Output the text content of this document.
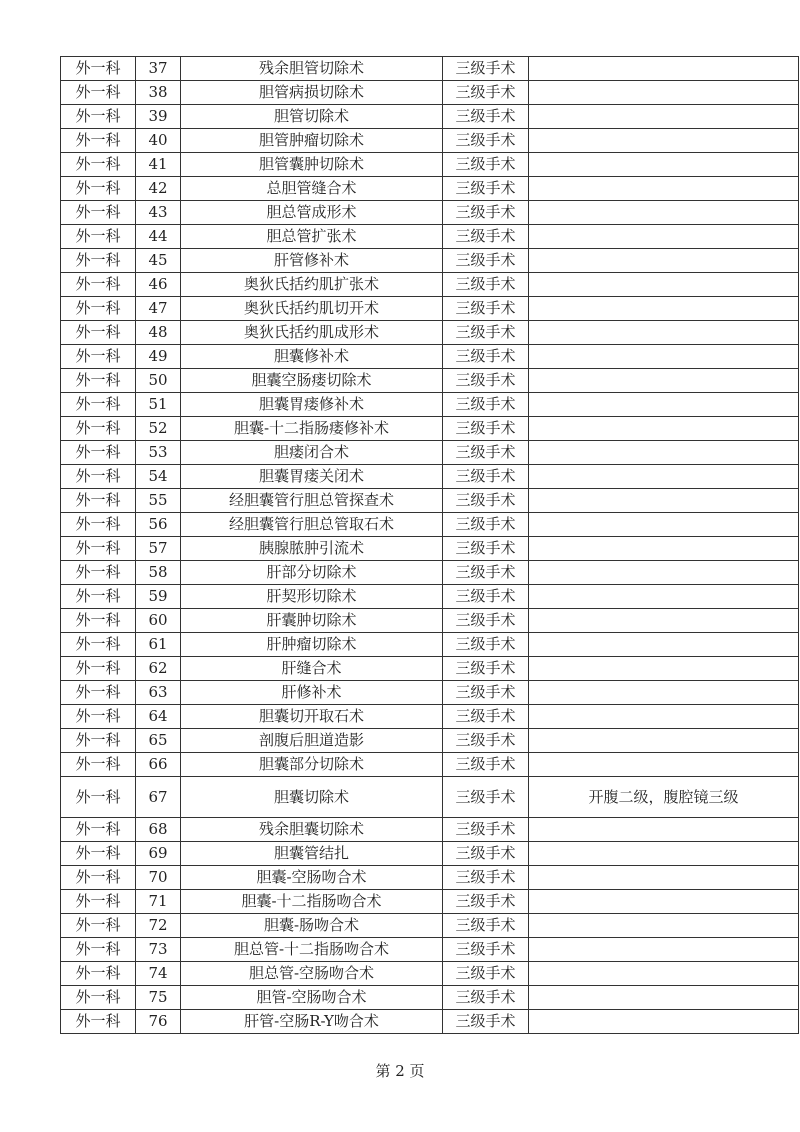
外一科	37	残余胆管切除术	三级手术	
外一科	38	胆管病损切除术	三级手术	
外一科	39	胆管切除术	三级手术	
外一科	40	胆管肿瘤切除术	三级手术	
外一科	41	胆管囊肿切除术	三级手术	
外一科	42	总胆管缝合术	三级手术	
外一科	43	胆总管成形术	三级手术	
外一科	44	胆总管扩张术	三级手术	
外一科	45	肝管修补术	三级手术	
外一科	46	奥狄氏括约肌扩张术	三级手术	
外一科	47	奥狄氏括约肌切开术	三级手术	
外一科	48	奥狄氏括约肌成形术	三级手术	
外一科	49	胆囊修补术	三级手术	
外一科	50	胆囊空肠瘘切除术	三级手术	
外一科	51	胆囊胃瘘修补术	三级手术	
外一科	52	胆囊-十二指肠瘘修补术	三级手术	
外一科	53	胆瘘闭合术	三级手术	
外一科	54	胆囊胃瘘关闭术	三级手术	
外一科	55	经胆囊管行胆总管探查术	三级手术	
外一科	56	经胆囊管行胆总管取石术	三级手术	
外一科	57	胰腺脓肿引流术	三级手术	
外一科	58	肝部分切除术	三级手术	
外一科	59	肝契形切除术	三级手术	
外一科	60	肝囊肿切除术	三级手术	
外一科	61	肝肿瘤切除术	三级手术	
外一科	62	肝缝合术	三级手术	
外一科	63	肝修补术	三级手术	
外一科	64	胆囊切开取石术	三级手术	
外一科	65	剖腹后胆道造影	三级手术	
外一科	66	胆囊部分切除术	三级手术	
外一科	67	胆囊切除术	三级手术	开腹二级，腹腔镜三级
外一科	68	残余胆囊切除术	三级手术	
外一科	69	胆囊管结扎	三级手术	
外一科	70	胆囊-空肠吻合术	三级手术	
外一科	71	胆囊-十二指肠吻合术	三级手术	
外一科	72	胆囊-肠吻合术	三级手术	
外一科	73	胆总管-十二指肠吻合术	三级手术	
外一科	74	胆总管-空肠吻合术	三级手术	
外一科	75	胆管-空肠吻合术	三级手术	
外一科	76	肝管-空肠R-Y吻合术	三级手术	
第 2 页
